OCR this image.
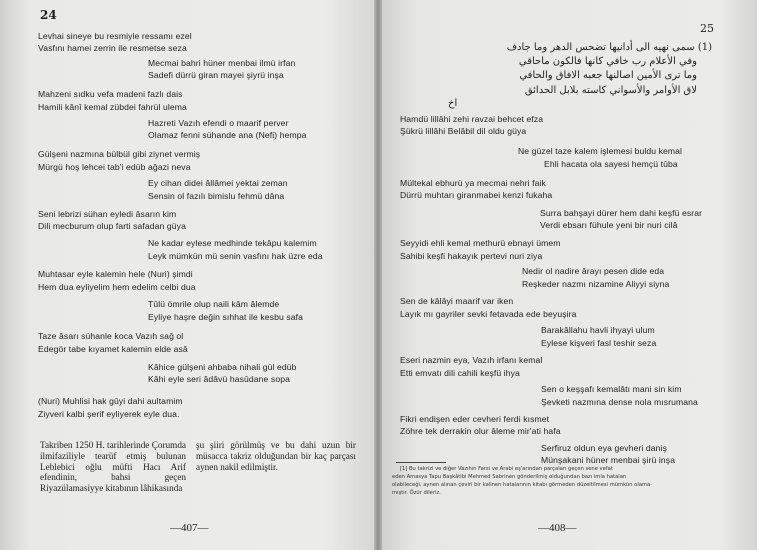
24
Levhai sineye bu resmiyle ressamı ezel
Vasfını hamei zerrin ile resmetse seza
Mecmai bahri hüner menbai ilmü irfan
Sadefi dürrü giran mayei şiyrü inşa
Mahzeni sıdku vefa madeni fazlı dais
Hamili kânî kemal zübdei fahrül ulema
Hazreti Vazıh efendi o maarif perver
Olamaz fenni sühande ana (Nefi) hempa
Gülşeni nazmına bülbül gibi ziynet vermiş
Mürgü hoş lehcei tab'i edüb ağazi neva
Ey cihan didei âllâmei yektai zeman
Sensin ol fazılı bimislu fehmü dâna
Seni lebrizi sühan eyledi âsarın kim
Dili mecburum olup farti safadan güya
Ne kadar eylese medhinde tekâpu kalemim
Leyk mümkün mü senin vasfını hak üzre eda
Muhtasar eyle kalemin hele (Nuri) şimdi
Hem dua eyliyelim hem edelim celbi dua
Tûlü ömrile olup naili kâm âlemde
Eyliye haşre değin sıhhat ile kesbu safa
Taze âsarı sühanle koca Vazıh sağ ol
Edegör tabe kıyamet kalemin elde asâ
Kâhice gülşeni ahbaba nihali gül edüb
Kâhi eyle seri âdâvü hasûdane sopa
(Nuri) Muhlisi hak gûyi dahi aultamim
Ziyveri kalbi şerif eyliyerek eyle dua.
Takriben 1250 H. tarihlerinde Çorumda ilmifaziliyle tearüf etmiş bulunan Leblebici oğlu müfti Hacı Arif efendinin, bahsi geçen Riyazülamasiyye kitabının lâhikasında
şu şiiri görülmüş ve bu dahi uzun bir müsacca takriz olduğundan bir kaç parçası aynen nakil edilmiştir.
—407—
25
(1) سمى نهيه الى أدانيها تضحس الدهر وما جادف
وفي الأعلام رب خافي كانها فالكون ماحاقي
وما ترى الأمين اصالنها جعبه الافاق والحافي
لاق الأوامر والأسواني كاسته بلابل الحدائق
اخ
Hamdü lillâhi zehi ravzai behcet efza
Şükrü lillâhi Belâbil dil oldu güya
Ne güzel taze kalem işlemesi buldu kemal
Ehli hacata ola sayesi hemçü tûba
Mültekal ebhurü ya mecmai nehri faik
Dürrü muhtarı giranmabei kenzi fukaha
Surra bahşayi dürer hem dahi keşfü esrar
Verdi ebsarı fühule yeni bir nuri cilâ
Seyyidi ehli kemal methurü ebnayi ümem
Sahibi keşfi hakayık pertevi nuri ziya
Nedir ol nadire ârayı pesen dide eda
Reşkeder nazmı nizamine Aliyyi siyna
Sen de kâlâyi maarif var iken
Layık mı gayriler sevki fetavada ede beyuşira
Barakâllahu havli ihyayi ulum
Eylese kişveri fasl teshir seza
Eseri nazmin eya, Vazıh irfanı kemal
Etti emvatı dili cahili keşfü ihya
Sen o keşşafı kemalâtı mani sin kim
Şevketi nazmına dense nola mısrumana
Fikri endişen eder cevheri ferdi kısmet
Zöhre tek derrakin olur âleme mir'ati hafa
Serfiruz oldun eya gevheri daniş
Münşakani hüner menbai şirü inşa
[1] Bu takrizi ve diğer Vazıhın Farsi ve Arabi eş'arından parçaları geçen sene vefat
eden Amasya Tapu Başkâtibi Mehmed Sabrinen gönderilmiş olduğundan bazı imla hataları
olabileceği, aynen alınan çeviri bir kalinen hatalarının kitabı görmeden düzeltilmesi mümkün olama-
mıştır. Özür dileriz.
—408—
